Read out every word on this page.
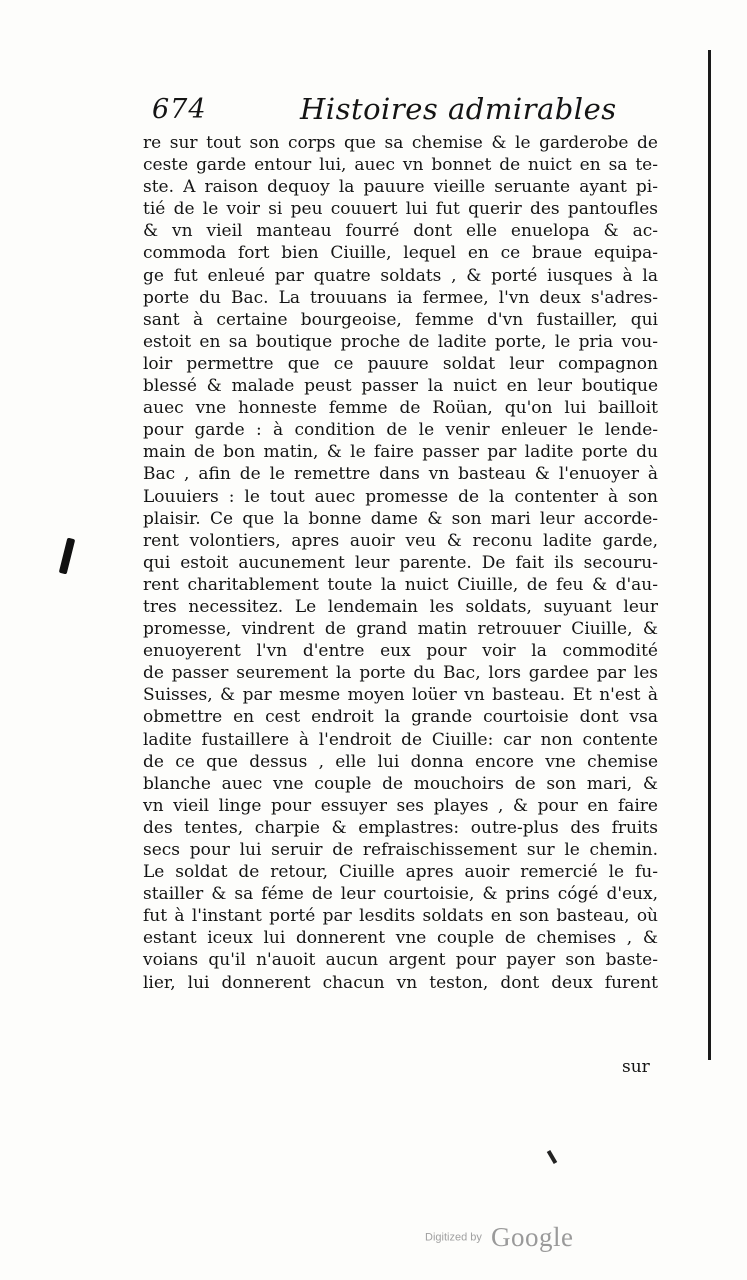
674	Histoires admirables
re sur tout son corps que sa chemise & le garderobe de
ceste garde entour lui, auec vn bonnet de nuict en sa te-
ste. A raison dequoy la pauure vieille seruante ayant pi-
tié de le voir si peu couuert lui fut querir des pantoufles
& vn vieil manteau fourré dont elle enuelopa & ac-
commoda fort bien Ciuille, lequel en ce braue equipa-
ge fut enleué par quatre soldats , & porté iusques à la
porte du Bac. La trouuans ia fermee, l'vn deux s'adres-
sant à certaine bourgeoise, femme d'vn fustailler, qui
estoit en sa boutique proche de ladite porte, le pria vou-
loir permettre que ce pauure soldat leur compagnon
blessé & malade peust passer la nuict en leur boutique
auec vne honneste femme de Roüan, qu'on lui bailloit
pour garde : à condition de le venir enleuer le lende-
main de bon matin, & le faire passer par ladite porte du
Bac , afin de le remettre dans vn basteau & l'enuoyer à
Louuiers : le tout auec promesse de la contenter à son
plaisir. Ce que la bonne dame & son mari leur accorde-
rent volontiers, apres auoir veu & reconu ladite garde,
qui estoit aucunement leur parente. De fait ils secouru-
rent charitablement toute la nuict Ciuille, de feu & d'au-
tres necessitez. Le lendemain les soldats, suyuant leur
promesse, vindrent de grand matin retrouuer Ciuille, &
enuoyerent l'vn d'entre eux pour voir la commodité
de passer seurement la porte du Bac, lors gardee par les
Suisses, & par mesme moyen loüer vn basteau. Et n'est à
obmettre en cest endroit la grande courtoisie dont vsa
ladite fustaillere à l'endroit de Ciuille: car non contente
de ce que dessus , elle lui donna encore vne chemise
blanche auec vne couple de mouchoirs de son mari, &
vn vieil linge pour essuyer ses playes , & pour en faire
des tentes, charpie & emplastres: outre-plus des fruits
secs pour lui seruir de refraischissement sur le chemin.
Le soldat de retour, Ciuille apres auoir remercié le fu-
stailler & sa féme de leur courtoisie, & prins cógé d'eux,
fut à l'instant porté par lesdits soldats en son basteau, où
estant iceux lui donnerent vne couple de chemises , &
voians qu'il n'auoit aucun argent pour payer son baste-
lier, lui donnerent chacun vn teston, dont deux furent
sur
Digitized by Google
